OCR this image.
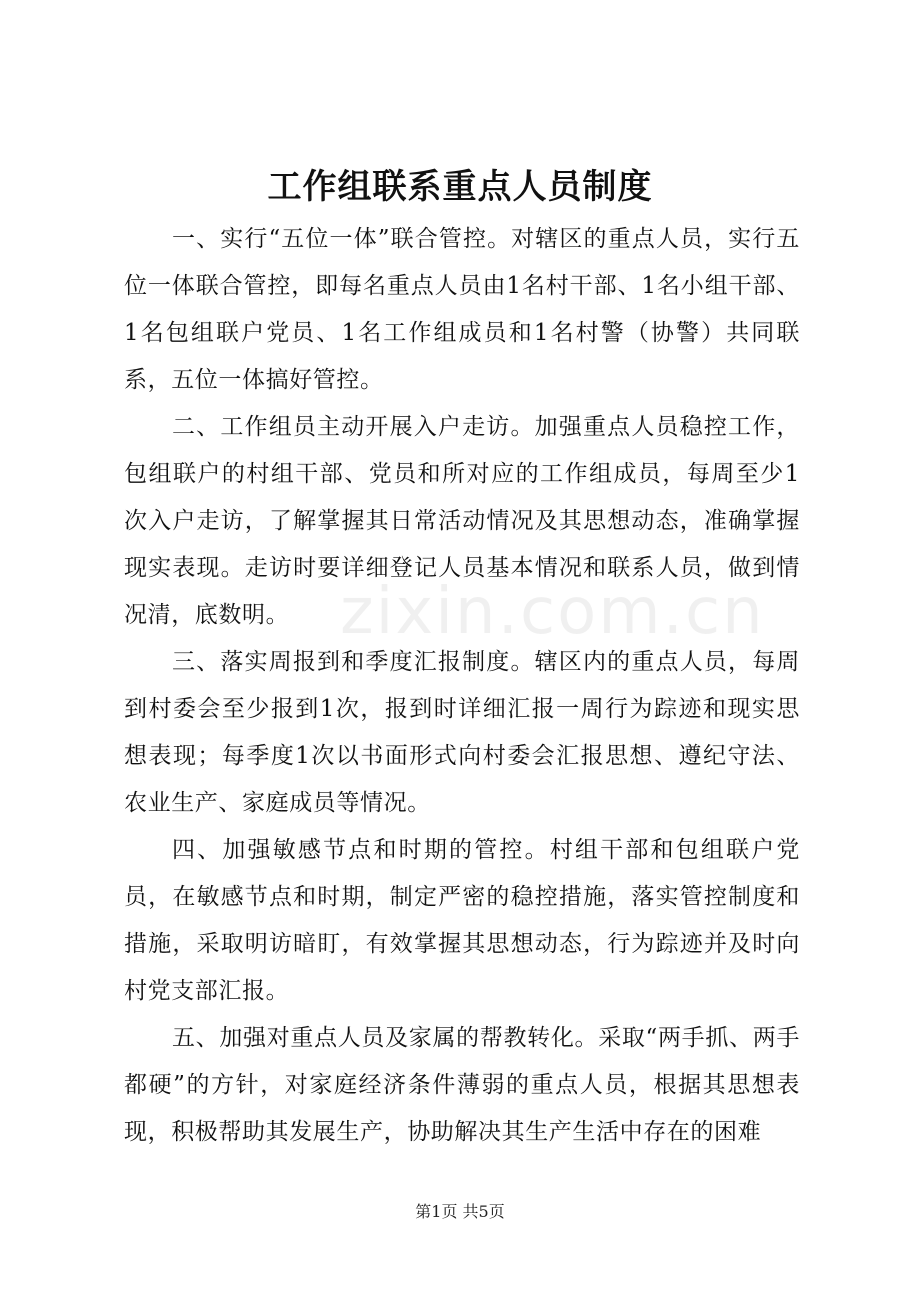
工作组联系重点人员制度

一、实行“五位一体”联合管控。对辖区的重点人员，实行五位一体联合管控，即每名重点人员由1名村干部、1名小组干部、1名包组联户党员、1名工作组成员和1名村警（协警）共同联系，五位一体搞好管控。

二、工作组员主动开展入户走访。加强重点人员稳控工作，包组联户的村组干部、党员和所对应的工作组成员，每周至少1次入户走访，了解掌握其日常活动情况及其思想动态，准确掌握现实表现。走访时要详细登记人员基本情况和联系人员，做到情况清，底数明。

三、落实周报到和季度汇报制度。辖区内的重点人员，每周到村委会至少报到1次，报到时详细汇报一周行为踪迹和现实思想表现；每季度1次以书面形式向村委会汇报思想、遵纪守法、农业生产、家庭成员等情况。

四、加强敏感节点和时期的管控。村组干部和包组联户党员，在敏感节点和时期，制定严密的稳控措施，落实管控制度和措施，采取明访暗盯，有效掌握其思想动态，行为踪迹并及时向村党支部汇报。

五、加强对重点人员及家属的帮教转化。采取“两手抓、两手都硬”的方针，对家庭经济条件薄弱的重点人员，根据其思想表现，积极帮助其发展生产，协助解决其生产生活中存在的困难

zixin.com.cn
第1页 共5页
